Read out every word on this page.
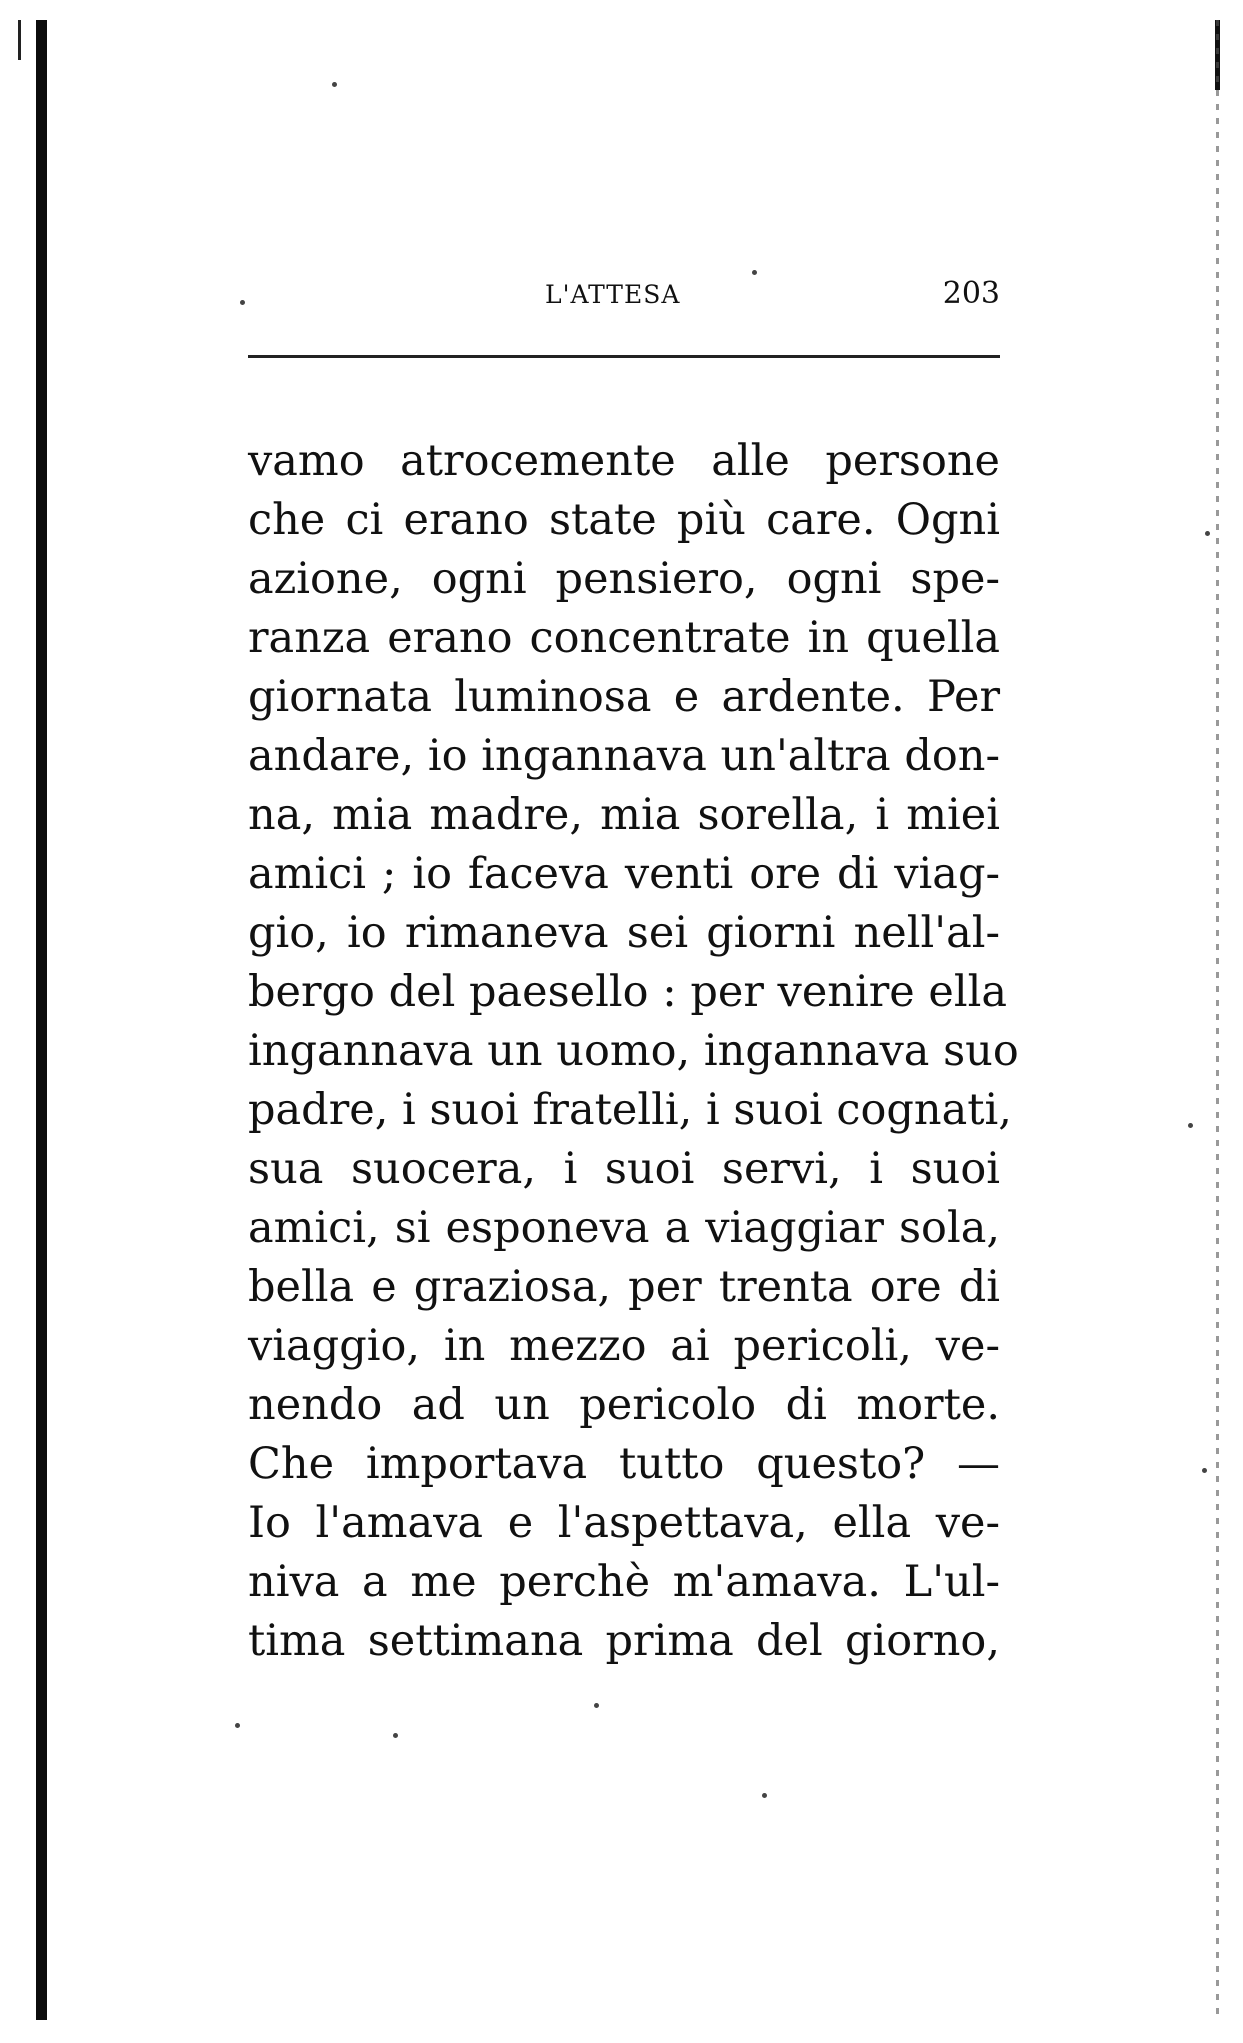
L'ATTESA	203
vamo atrocemente alle persone
che ci erano state più care. Ogni
azione, ogni pensiero, ogni spe-
ranza erano concentrate in quella
giornata luminosa e ardente. Per
andare, io ingannava un'altra don-
na, mia madre, mia sorella, i miei
amici ; io faceva venti ore di viag-
gio, io rimaneva sei giorni nell'al-
bergo del paesello : per venire ella
ingannava un uomo, ingannava suo
padre, i suoi fratelli, i suoi cognati,
sua suocera, i suoi servi, i suoi
amici, si esponeva a viaggiar sola,
bella e graziosa, per trenta ore di
viaggio, in mezzo ai pericoli, ve-
nendo ad un pericolo di morte.
Che importava tutto questo? —
Io l'amava e l'aspettava, ella ve-
niva a me perchè m'amava. L'ul-
tima settimana prima del giorno,
